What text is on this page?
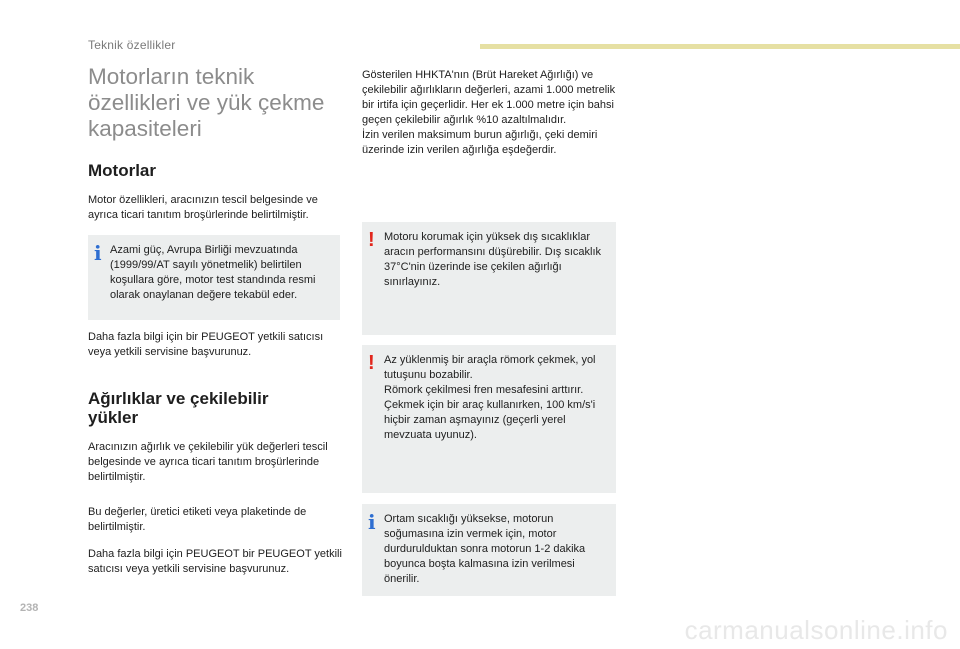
Teknik özellikler
Motorların teknik
özellikleri ve yük çekme
kapasiteleri
Motorlar

Motor özellikleri, aracınızın tescil belgesinde ve ayrıca ticari tanıtım broşürlerinde belirtilmiştir.

i Azami güç, Avrupa Birliği mevzuatında (1999/99/AT sayılı yönetmelik) belirtilen koşullara göre, motor test standında resmi olarak onaylanan değere tekabül eder.

Daha fazla bilgi için bir PEUGEOT yetkili satıcısı veya yetkili servisine başvurunuz.

Ağırlıklar ve çekilebilir
yükler

Aracınızın ağırlık ve çekilebilir yük değerleri tescil belgesinde ve ayrıca ticari tanıtım broşürlerinde belirtilmiştir.

Bu değerler, üretici etiketi veya plaketinde de belirtilmiştir.

Daha fazla bilgi için PEUGEOT bir PEUGEOT yetkili satıcısı veya yetkili servisine başvurunuz.

Gösterilen HHKTA'nın (Brüt Hareket Ağırlığı) ve çekilebilir ağırlıkların değerleri, azami 1.000 metrelik bir irtifa için geçerlidir. Her ek 1.000 metre için bahsi geçen çekilebilir ağırlık %10 azaltılmalıdır.

İzin verilen maksimum burun ağırlığı, çeki demiri üzerinde izin verilen ağırlığa eşdeğerdir.

! Motoru korumak için yüksek dış sıcaklıklar aracın performansını düşürebilir. Dış sıcaklık 37°C'nin üzerinde ise çekilen ağırlığı sınırlayınız.
! Az yüklenmiş bir araçla römork çekmek, yol tutuşunu bozabilir.
Römork çekilmesi fren mesafesini arttırır.
Çekmek için bir araç kullanırken, 100 km/s'i hiçbir zaman aşmayınız (geçerli yerel mevzuata uyunuz).
i Ortam sıcaklığı yüksekse, motorun soğumasına izin vermek için, motor durdurulduktan sonra motorun 1-2 dakika boyunca boşta kalmasına izin verilmesi önerilir.
238
carmanualsonline.info
